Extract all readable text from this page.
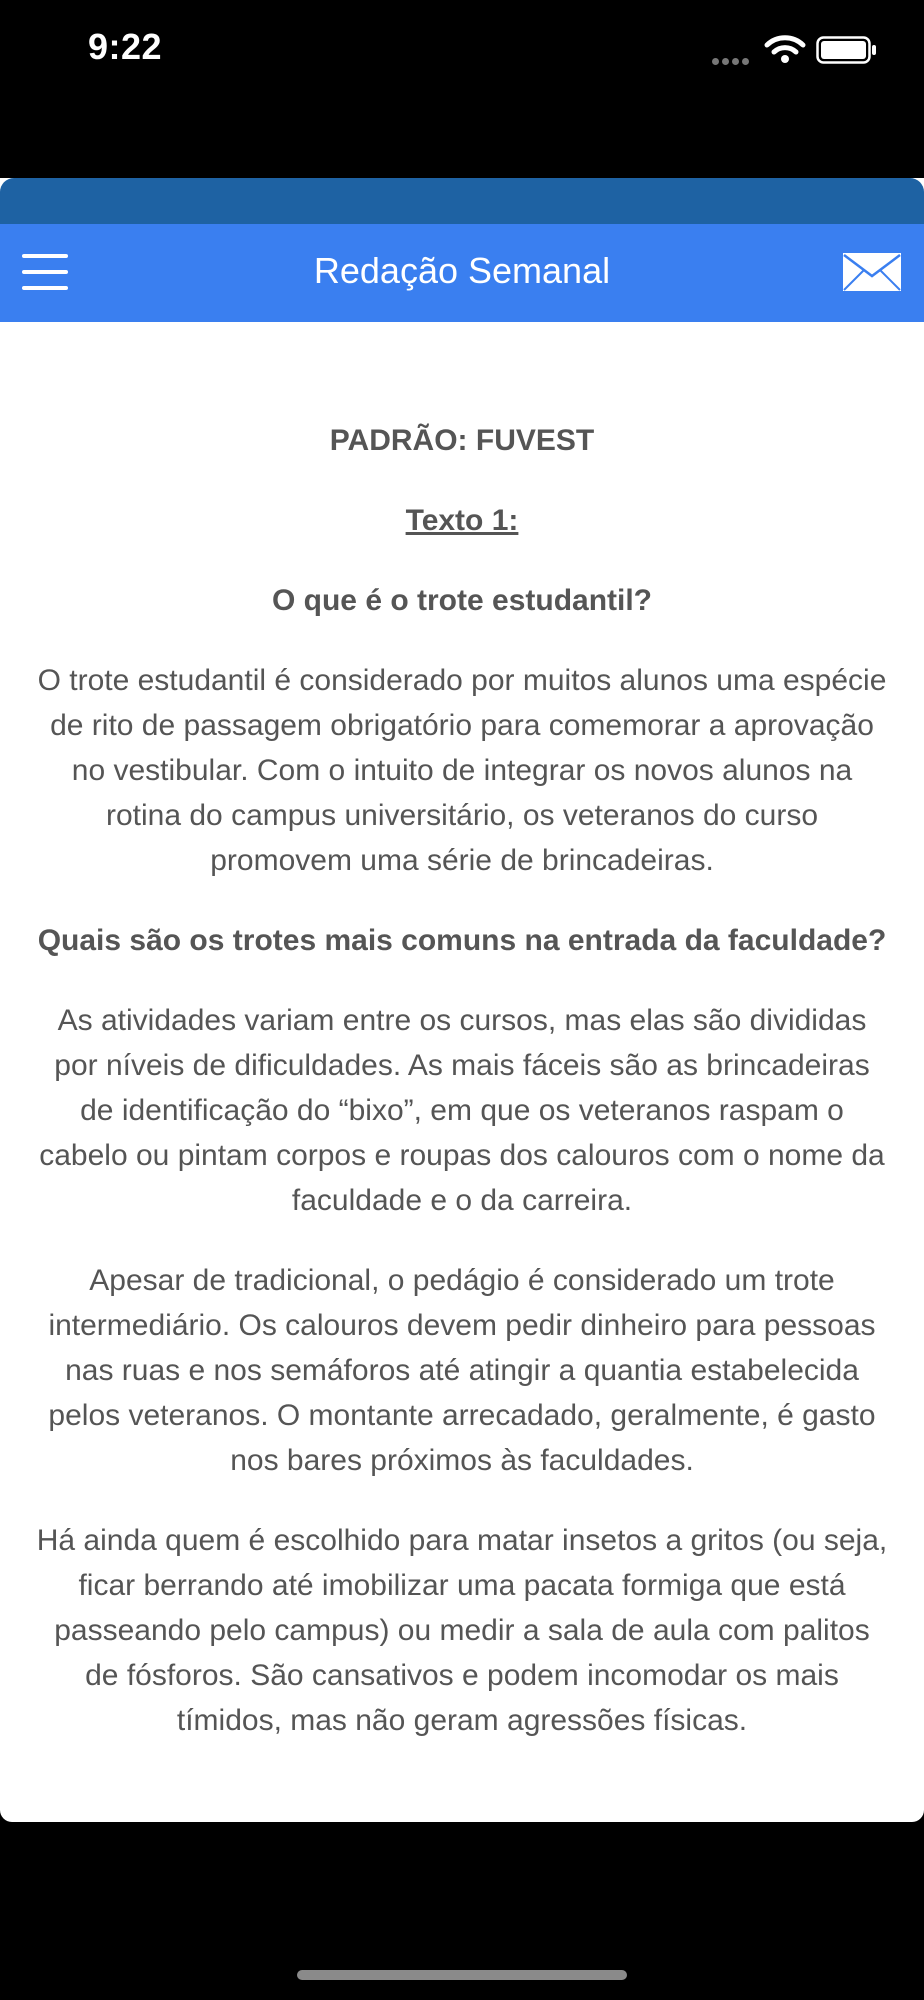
9:22
Redação Semanal

PADRÃO: FUVEST

Texto 1:

O que é o trote estudantil?

O trote estudantil é considerado por muitos alunos uma espécie de rito de passagem obrigatório para comemorar a aprovação no vestibular. Com o intuito de integrar os novos alunos na rotina do campus universitário, os veteranos do curso promovem uma série de brincadeiras.

Quais são os trotes mais comuns na entrada da faculdade?

As atividades variam entre os cursos, mas elas são divididas por níveis de dificuldades. As mais fáceis são as brincadeiras de identificação do “bixo”, em que os veteranos raspam o cabelo ou pintam corpos e roupas dos calouros com o nome da faculdade e o da carreira.

Apesar de tradicional, o pedágio é considerado um trote intermediário. Os calouros devem pedir dinheiro para pessoas nas ruas e nos semáforos até atingir a quantia estabelecida pelos veteranos. O montante arrecadado, geralmente, é gasto nos bares próximos às faculdades.

Há ainda quem é escolhido para matar insetos a gritos (ou seja, ficar berrando até imobilizar uma pacata formiga que está passeando pelo campus) ou medir a sala de aula com palitos de fósforos. São cansativos e podem incomodar os mais tímidos, mas não geram agressões físicas.
